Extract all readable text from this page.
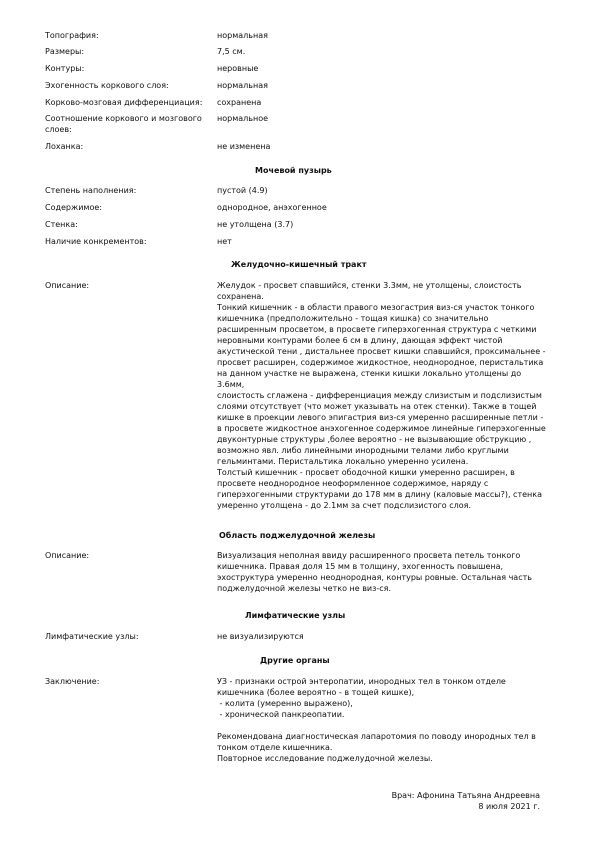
Топография:	нормальная
Размеры:	7,5 см.
Контуры:	неровные
Эхогенность коркового слоя:	нормальная
Корково-мозговая дифференциация:	сохранена
Соотношение коркового и мозгового слоев:
нормальное
Лоханка:	не изменена
Мочевой пузырь
Степень наполнения:	пустой (4.9)
Содержимое:	однородное, анэхогенное
Стенка:	не утолщена (3.7)
Наличие конкрементов:	нет
Желудочно-кишечный тракт
Описание:	Желудок - просвет спавшийся, стенки 3.3мм, не утолщены, слоистость

сохранена.

Тонкий кишечник - в области правого мезогастрия виз-ся участок тонкого

кишечника (предположительно - тощая кишка) со значительно

расширенным просветом, в просвете гиперэхогенная структура с четкими

неровными контурами более 6 см в длину, дающая эффект чистой

акустической тени , дистальнее просвет кишки спавшийся, проксимальнее -

просвет расширен, содержимое жидкостное, неоднородное, перистальтика

на данном участке не выражена, стенки кишки локально утолщены до 3.6мм,

слоистость сглажена - дифференциация между слизистым и подслизистым

слоями отсутствует (что может указывать на отек стенки). Также в тощей

кишке в проекции левого эпигастрия виз-ся умеренно расширенные петли -

в просвете жидкостное анэхогенное содержимое линейные гиперэхогенные

двуконтурные структуры ,более вероятно - не вызывающие обструкцию ,

возможно явл. либо линейными инородными телами либо круглыми

гельминтами. Перистальтика локально умеренно усилена.

Толстый кишечник - просвет ободочной кишки умеренно расширен, в

просвете неоднородное неоформленное содержимое, наряду с

гиперэхогенными структурами до 178 мм в длину (каловые массы?), стенка

умеренно утолщена - до 2.1мм за счет подслизистого слоя.

Область поджелудочной железы
Описание:	Визуализация неполная ввиду расширенного просвета петель тонкого

кишечника. Правая доля 15 мм в толщину, эхогенность повышена,

эхоструктура умеренно неоднородная, контуры ровные. Остальная часть

поджелудочной железы четко не виз-ся.

Лимфатические узлы
Лимфатические узлы:	не визуализируются
Другие органы
Заключение:	УЗ - признаки острой энтеропатии, инородных тел в тонком отделе

кишечника (более вероятно - в тощей кишке),

- колита (умеренно выражено),

- хронической панкреопатии.

Рекомендована диагностическая лапаротомия по поводу инородных тел в

тонком отделе кишечника.

Повторное исследование поджелудочной железы.

Врач: Афонина Татьяна Андреевна
8 июля 2021 г.
